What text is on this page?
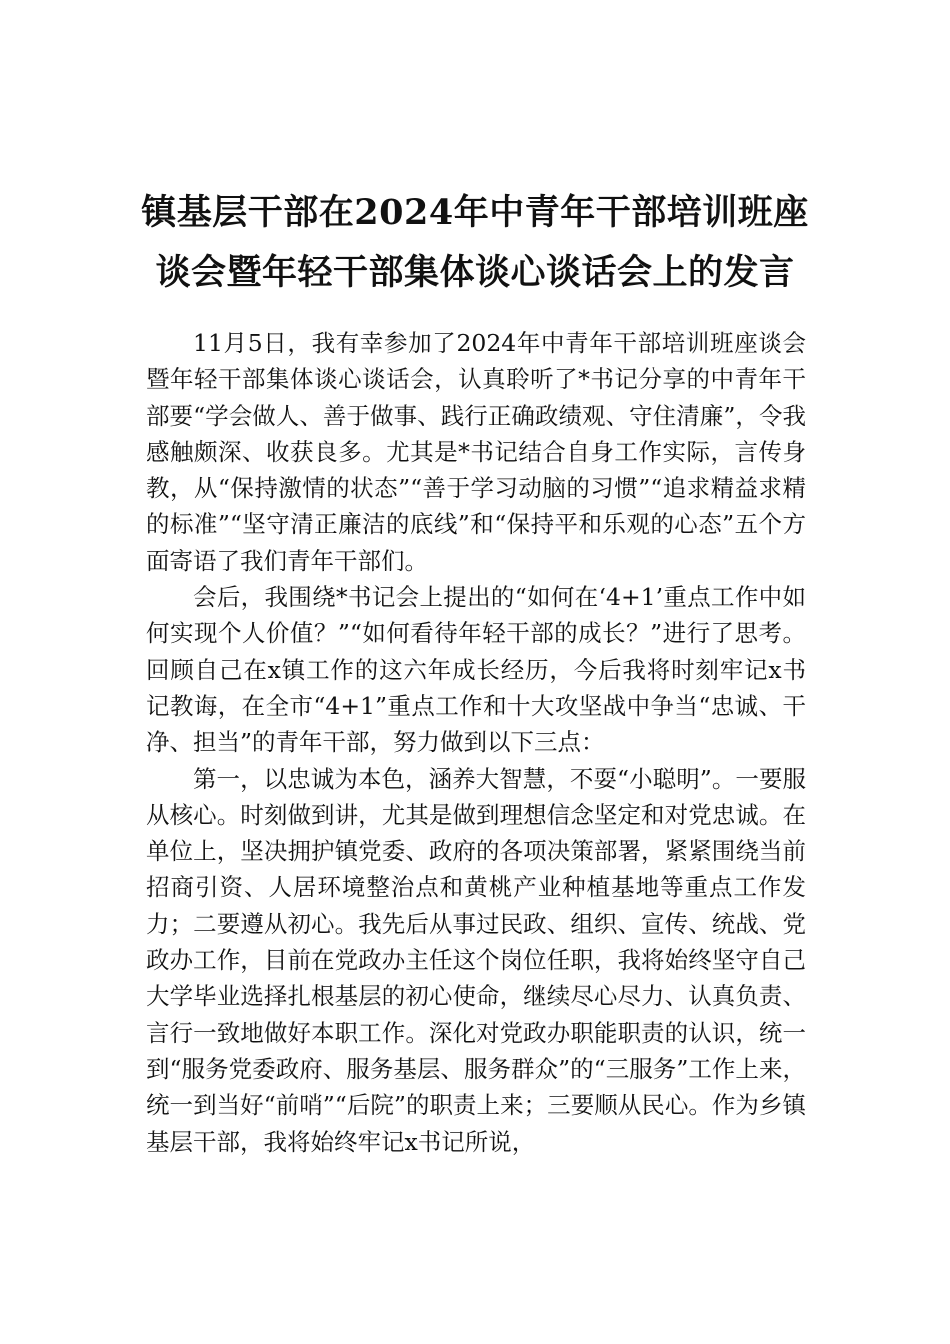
镇基层干部在2024年中青年干部培训班座
谈会暨年轻干部集体谈心谈话会上的发言

11月5日，我有幸参加了2024年中青年干部培训班座谈会暨年轻干部集体谈心谈话会，认真聆听了*书记分享的中青年干部要“学会做人、善于做事、践行正确政绩观、守住清廉”，令我感触颇深、收获良多。尤其是*书记结合自身工作实际，言传身教，从“保持激情的状态”“善于学习动脑的习惯”“追求精益求精的标准”“坚守清正廉洁的底线”和“保持平和乐观的心态”五个方面寄语了我们青年干部们。

会后，我围绕*书记会上提出的“如何在‘4+1’重点工作中如何实现个人价值？”“如何看待年轻干部的成长？”进行了思考。回顾自己在x镇工作的这六年成长经历，今后我将时刻牢记x书记教诲，在全市“4+1”重点工作和十大攻坚战中争当“忠诚、干净、担当”的青年干部，努力做到以下三点：

第一，以忠诚为本色，涵养大智慧，不耍“小聪明”。一要服从核心。时刻做到讲，尤其是做到理想信念坚定和对党忠诚。在单位上，坚决拥护镇党委、政府的各项决策部署，紧紧围绕当前招商引资、人居环境整治点和黄桃产业种植基地等重点工作发力；二要遵从初心。我先后从事过民政、组织、宣传、统战、党政办工作，目前在党政办主任这个岗位任职，我将始终坚守自己大学毕业选择扎根基层的初心使命，继续尽心尽力、认真负责、言行一致地做好本职工作。深化对党政办职能职责的认识，统一到“服务党委政府、服务基层、服务群众”的“三服务”工作上来，统一到当好“前哨”“后院”的职责上来；三要顺从民心。作为乡镇基层干部，我将始终牢记x书记所说，
